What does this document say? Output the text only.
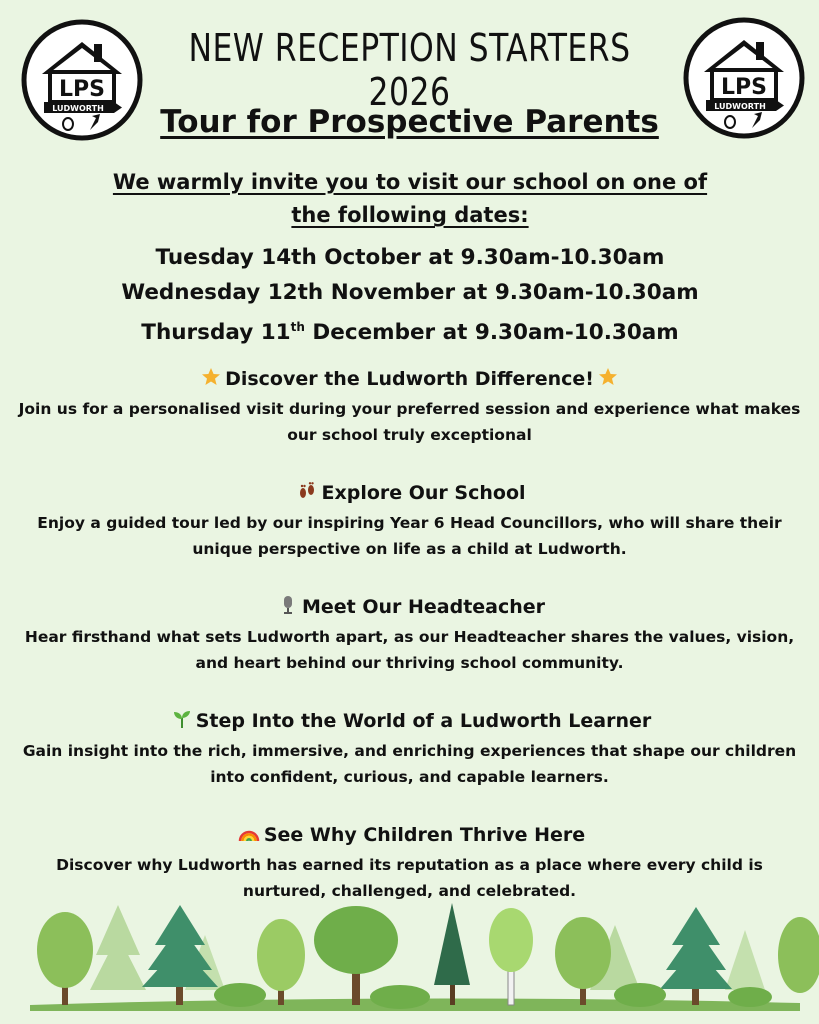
LPS
LUDWORTH
LPS
LUDWORTH
NEW RECEPTION STARTERS 2026
Tour for Prospective Parents
We warmly invite you to visit our school on one of the following dates:
Tuesday 14th October at 9.30am-10.30am
Wednesday 12th November at 9.30am-10.30am
Thursday 11th December at 9.30am-10.30am
Discover the Ludworth Difference!
Join us for a personalised visit during your preferred session and experience what makes our school truly exceptional
Explore Our School
Enjoy a guided tour led by our inspiring Year 6 Head Councillors, who will share their unique perspective on life as a child at Ludworth.
Meet Our Headteacher
Hear firsthand what sets Ludworth apart, as our Headteacher shares the values, vision, and heart behind our thriving school community.
Step Into the World of a Ludworth Learner
Gain insight into the rich, immersive, and enriching experiences that shape our children into confident, curious, and capable learners.
See Why Children Thrive Here
Discover why Ludworth has earned its reputation as a place where every child is nurtured, challenged, and celebrated.
